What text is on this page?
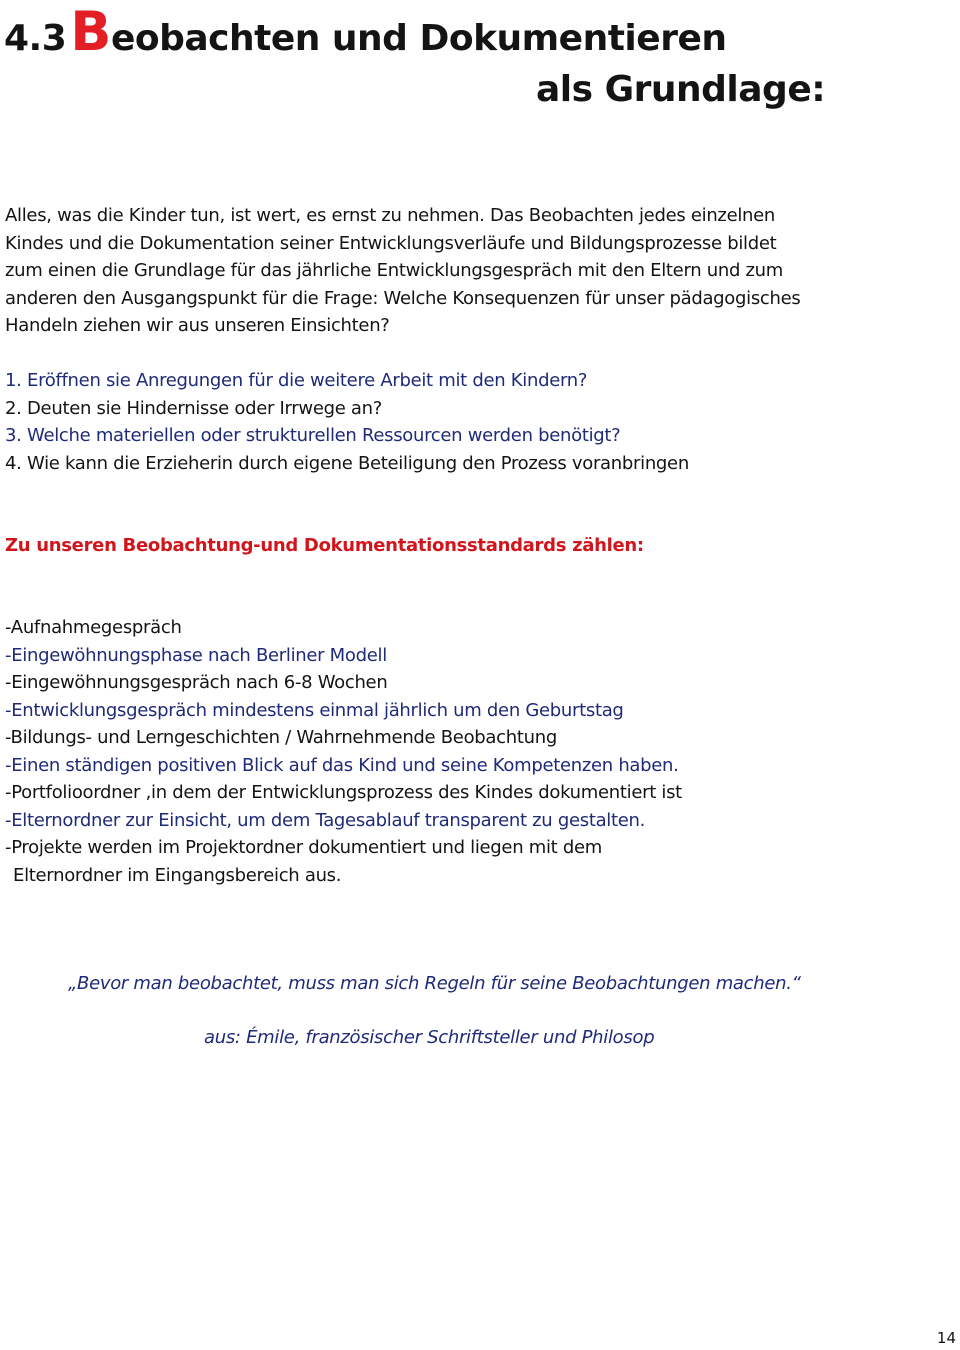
4.3Beobachten und Dokumentieren
als Grundlage:
Alles, was die Kinder tun, ist wert, es ernst zu nehmen. Das Beobachten jedes einzelnen
Kindes und die Dokumentation seiner Entwicklungsverläufe und Bildungsprozesse bildet
zum einen die Grundlage für das jährliche Entwicklungsgespräch mit den Eltern und zum
anderen den Ausgangspunkt für die Frage: Welche Konsequenzen für unser pädagogisches
Handeln ziehen wir aus unseren Einsichten?
1. Eröffnen sie Anregungen für die weitere Arbeit mit den Kindern?
2. Deuten sie Hindernisse oder Irrwege an?
3. Welche materiellen oder strukturellen Ressourcen werden benötigt?
4. Wie kann die Erzieherin durch eigene Beteiligung den Prozess voranbringen
Zu unseren Beobachtung-und Dokumentationsstandards zählen:
-Aufnahmegespräch
-Eingewöhnungsphase nach Berliner Modell
-Eingewöhnungsgespräch nach 6-8 Wochen
-Entwicklungsgespräch mindestens einmal jährlich um den Geburtstag
-Bildungs- und Lerngeschichten / Wahrnehmende Beobachtung
-Einen ständigen positiven Blick auf das Kind und seine Kompetenzen haben.
-Portfolioordner ,in dem der Entwicklungsprozess des Kindes dokumentiert ist
-Elternordner zur Einsicht, um dem Tagesablauf transparent zu gestalten.
-Projekte werden im Projektordner dokumentiert und liegen mit dem
Elternordner im Eingangsbereich aus.
„Bevor man beobachtet, muss man sich Regeln für seine Beobachtungen machen.“
aus: Émile, französischer Schriftsteller und Philosop
14
